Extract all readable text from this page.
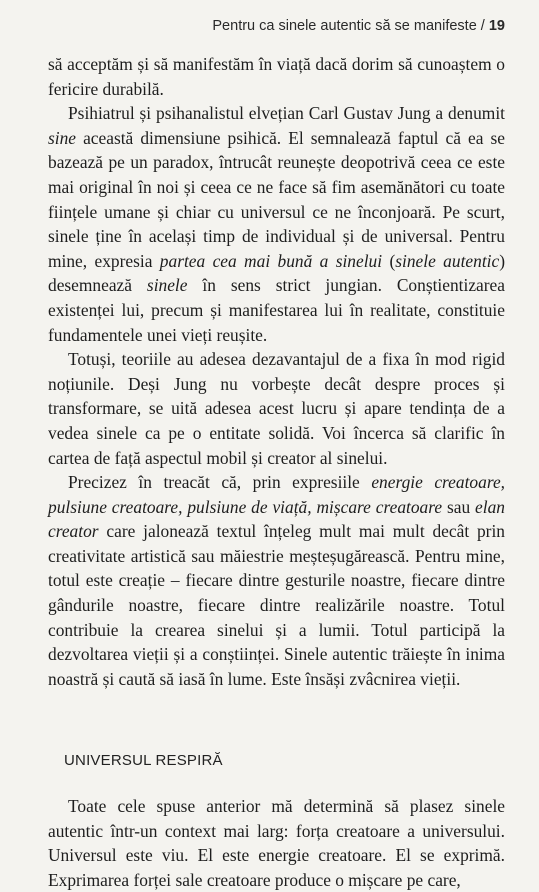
Pentru ca sinele autentic să se manifeste / 19

să acceptăm și să manifestăm în viață dacă dorim să cunoaștem o fericire durabilă.

Psihiatrul și psihanalistul elvețian Carl Gustav Jung a denumit sine această dimensiune psihică. El semnalează faptul că ea se bazează pe un paradox, întrucât reunește deopotrivă ceea ce este mai original în noi și ceea ce ne face să fim asemănători cu toate ființele umane și chiar cu universul ce ne înconjoară. Pe scurt, sinele ține în același timp de individual și de universal. Pentru mine, expresia partea cea mai bună a sinelui (sinele autentic) desemnează sinele în sens strict jungian. Conștientizarea existenței lui, precum și manifestarea lui în realitate, constituie fundamentele unei vieți reușite.

Totuși, teoriile au adesea dezavantajul de a fixa în mod rigid noțiunile. Deși Jung nu vorbește decât despre proces și transformare, se uită adesea acest lucru și apare tendința de a vedea sinele ca pe o entitate solidă. Voi încerca să clarific în cartea de față aspectul mobil și creator al sinelui.

Precizez în treacăt că, prin expresiile energie creatoare, pulsiune creatoare, pulsiune de viață, mișcare creatoare sau elan creator care jalonează textul înțeleg mult mai mult decât prin creativitate artistică sau măiestrie meșteșugărească. Pentru mine, totul este creație – fiecare dintre gesturile noastre, fiecare dintre gândurile noastre, fiecare dintre realizările noastre. Totul contribuie la crearea sinelui și a lumii. Totul participă la dezvoltarea vieții și a conștiinței. Sinele autentic trăiește în inima noastră și caută să iasă în lume. Este însăși zvâcnirea vieții.

UNIVERSUL RESPIRĂ

Toate cele spuse anterior mă determină să plasez sinele autentic într-un context mai larg: forța creatoare a universului. Universul este viu. El este energie creatoare. El se exprimă. Exprimarea forței sale creatoare produce o mișcare pe care,
